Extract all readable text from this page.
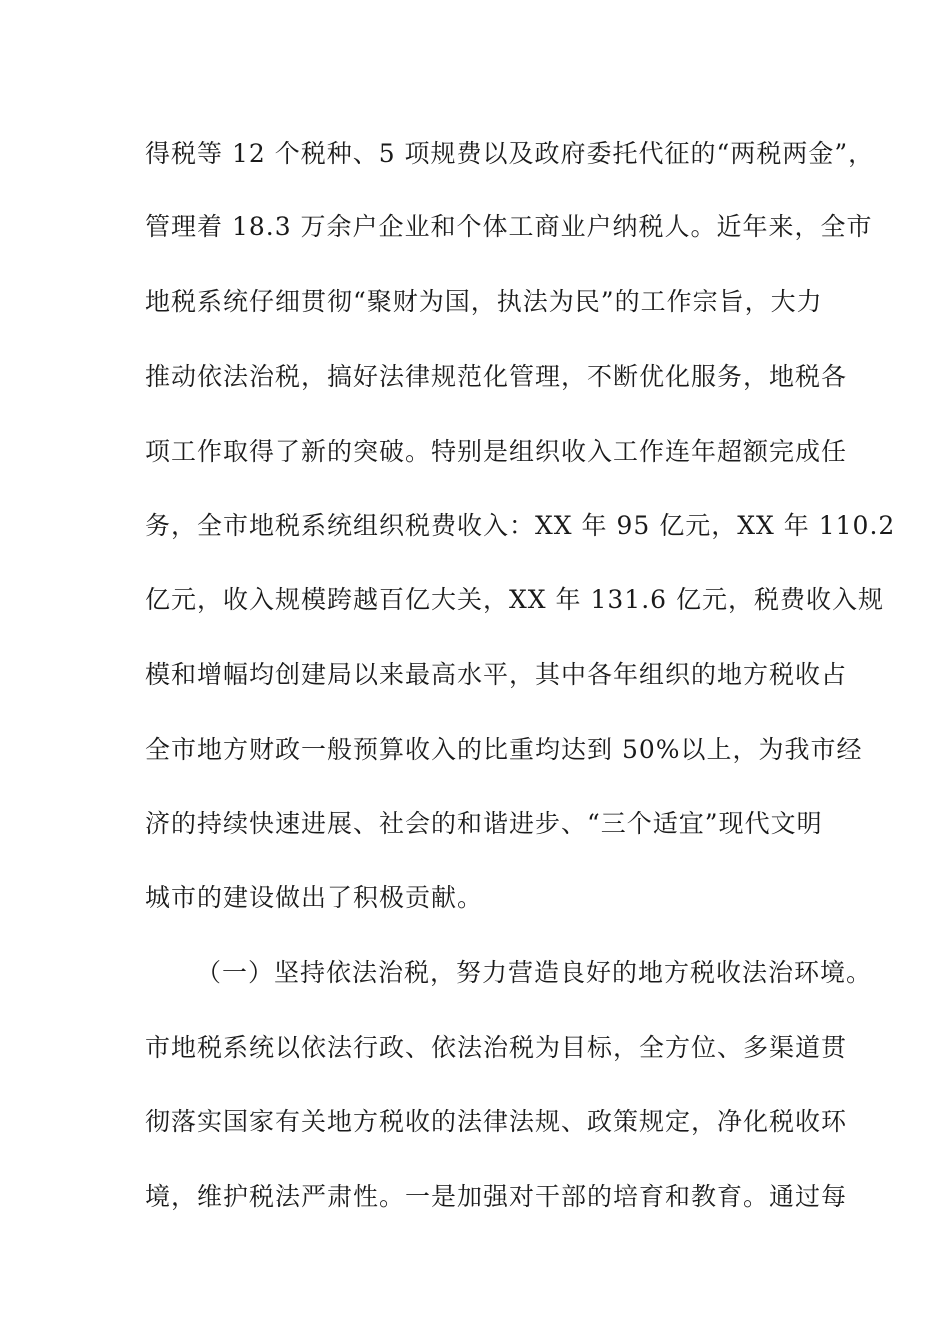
得税等 12 个税种、5 项规费以及政府委托代征的“两税两金”，
管理着 18.3 万余户企业和个体工商业户纳税人。近年来，全市
地税系统仔细贯彻“聚财为国，执法为民”的工作宗旨，大力
推动依法治税，搞好法律规范化管理，不断优化服务，地税各
项工作取得了新的突破。特别是组织收入工作连年超额完成任
务，全市地税系统组织税费收入：XX 年 95 亿元，XX 年 110.2
亿元，收入规模跨越百亿大关，XX 年 131.6 亿元，税费收入规
模和增幅均创建局以来最高水平，其中各年组织的地方税收占
全市地方财政一般预算收入的比重均达到 50%以上，为我市经
济的持续快速进展、社会的和谐进步、“三个适宜”现代文明
城市的建设做出了积极贡献。
（一）坚持依法治税，努力营造良好的地方税收法治环境。
市地税系统以依法行政、依法治税为目标，全方位、多渠道贯
彻落实国家有关地方税收的法律法规、政策规定，净化税收环
境，维护税法严肃性。一是加强对干部的培育和教育。通过每
